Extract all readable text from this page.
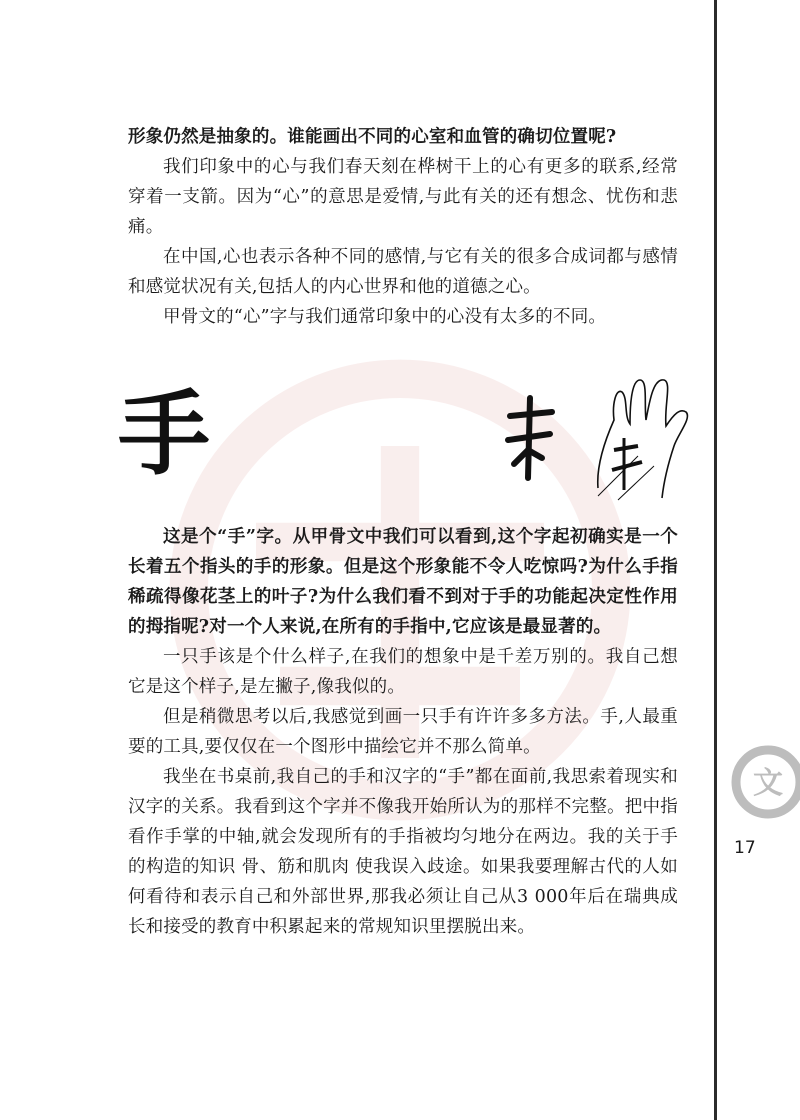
形象仍然是抽象的。谁能画出不同的心室和血管的确切位置呢?

我们印象中的心与我们春天刻在桦树干上的心有更多的联系,经常穿着一支箭。因为“心”的意思是爱情,与此有关的还有想念、忧伤和悲痛。

在中国,心也表示各种不同的感情,与它有关的很多合成词都与感情和感觉状况有关,包括人的内心世界和他的道德之心。

甲骨文的“心”字与我们通常印象中的心没有太多的不同。

手

这是个“手”字。从甲骨文中我们可以看到,这个字起初确实是一个长着五个指头的手的形象。但是这个形象能不令人吃惊吗?为什么手指稀疏得像花茎上的叶子?为什么我们看不到对于手的功能起决定性作用的拇指呢?对一个人来说,在所有的手指中,它应该是最显著的。

一只手该是个什么样子,在我们的想象中是千差万别的。我自己想它是这个样子,是左撇子,像我似的。

但是稍微思考以后,我感觉到画一只手有许许多多方法。手,人最重要的工具,要仅仅在一个图形中描绘它并不那么简单。

我坐在书桌前,我自己的手和汉字的“手”都在面前,我思索着现实和汉字的关系。我看到这个字并不像我开始所认为的那样不完整。把中指看作手掌的中轴,就会发现所有的手指被均匀地分在两边。我的关于手的构造的知识 骨、筋和肌肉 使我误入歧途。如果我要理解古代的人如何看待和表示自己和外部世界,那我必须让自己从3 000年后在瑞典成长和接受的教育中积累起来的常规知识里摆脱出来。

文
17
